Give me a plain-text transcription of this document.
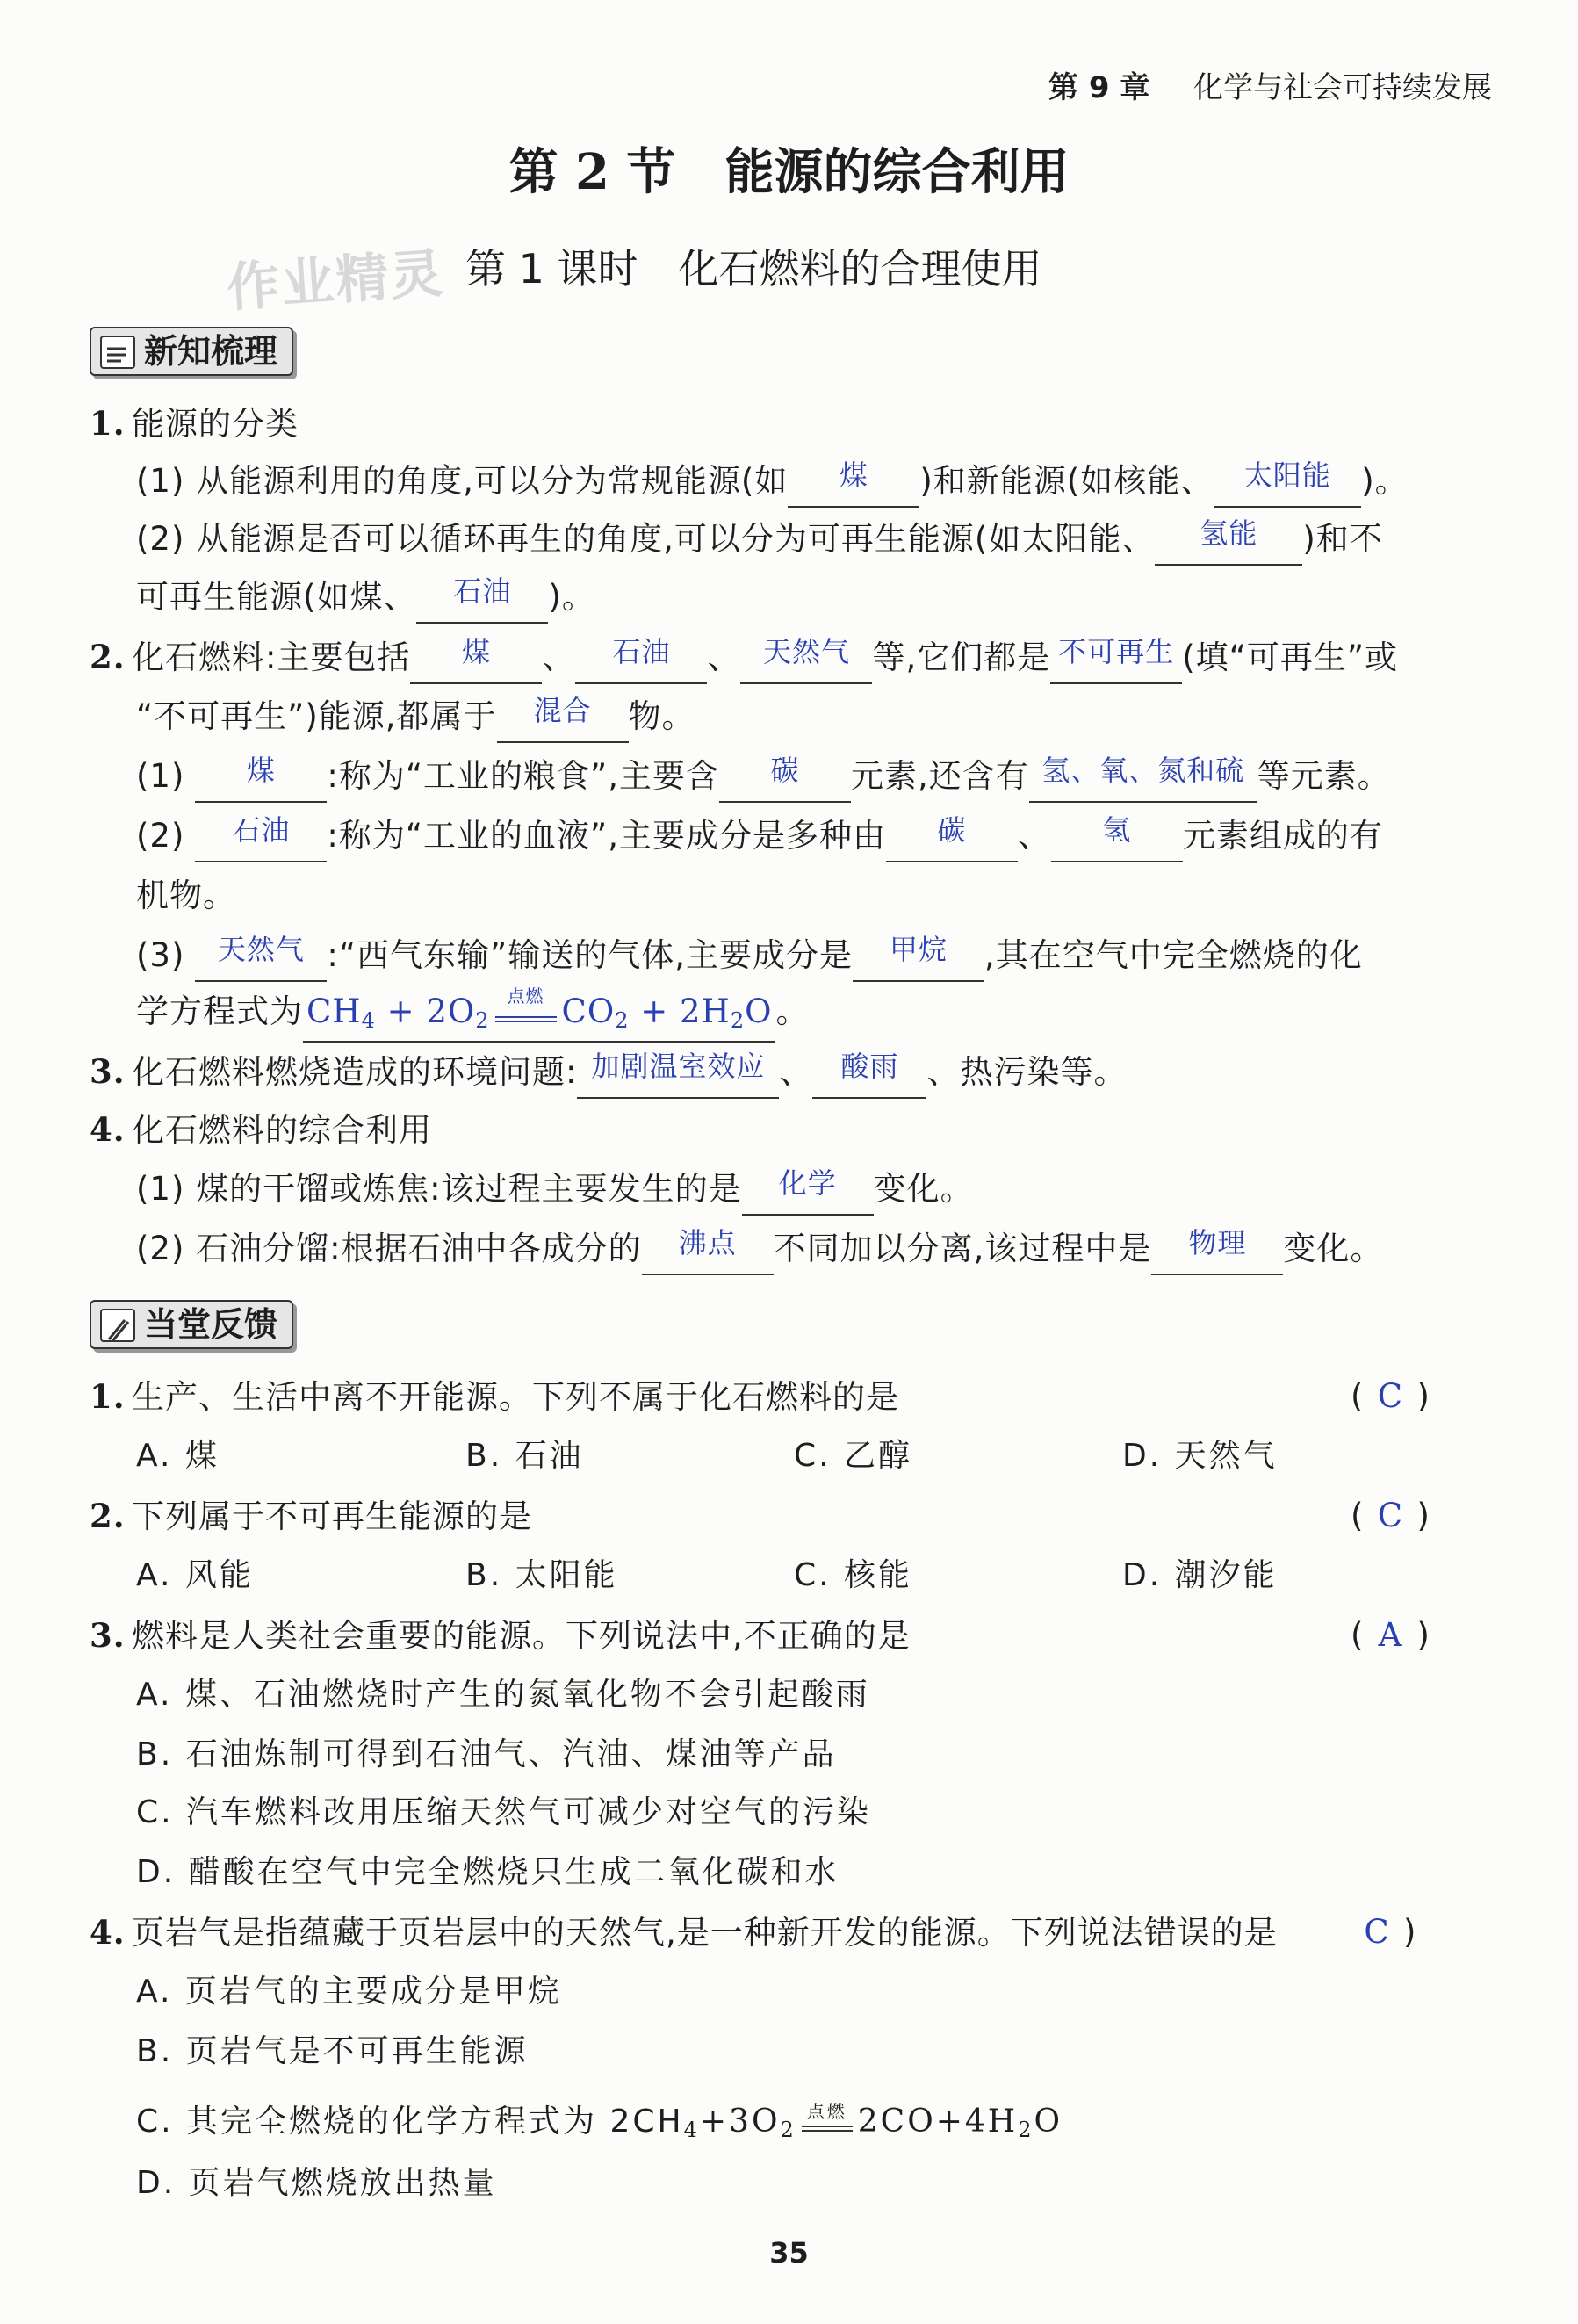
第 9 章 化学与社会可持续发展
第 2 节　能源的综合利用
作业精灵 第 1 课时　化石燃料的合理使用
新知梳理
1. 能源的分类
(1) 从能源利用的角度,可以分为常规能源(如 煤 )和新能源(如核能、 太阳能 )。
(2) 从能源是否可以循环再生的角度,可以分为可再生能源(如太阳能、 氢能 )和不
可再生能源(如煤、 石油 )。
2. 化石燃料:主要包括 煤 、 石油 、 天然气 等,它们都是 不可再生 (填“可再生”或
“不可再生”)能源,都属于 混合 物。
(1) 煤 :称为“工业的粮食”,主要含 碳 元素,还含有 氢、氧、氮和硫 等元素。
(2) 石油 :称为“工业的血液”,主要成分是多种由 碳 、 氢 元素组成的有
机物。
(3) 天然气 :“西气东输”输送的气体,主要成分是 甲烷 ,其在空气中完全燃烧的化
学方程式为 $CH_4 + 2O_2$
点燃 $CO_2 + 2H_2O$ 。
3. 化石燃料燃烧造成的环境问题: 加剧温室效应 、 酸雨 、热污染等。
4. 化石燃料的综合利用
(1) 煤的干馏或炼焦:该过程主要发生的是 化学 变化。
(2) 石油分馏:根据石油中各成分的 沸点 不同加以分离,该过程中是 物理 变化。
当堂反馈
1. 生产、生活中离不开能源。下列不属于化石燃料的是	( C )
A. 煤	B. 石油	C. 乙醇	D. 天然气
2. 下列属于不可再生能源的是	( C )
A. 风能	B. 太阳能	C. 核能	D. 潮汐能
3. 燃料是人类社会重要的能源。下列说法中,不正确的是	( A )
A. 煤、石油燃烧时产生的氮氧化物不会引起酸雨
B. 石油炼制可得到石油气、汽油、煤油等产品
C. 汽车燃料改用压缩天然气可减少对空气的污染
D. 醋酸在空气中完全燃烧只生成二氧化碳和水
4. 页岩气是指蕴藏于页岩层中的天然气,是一种新开发的能源。下列说法错误的是	C )
A. 页岩气的主要成分是甲烷
B. 页岩气是不可再生能源
C. 其完全燃烧的化学方程式为 $2CH_4+3O_2$
点燃 $2CO+4H_2O$
D. 页岩气燃烧放出热量
35
